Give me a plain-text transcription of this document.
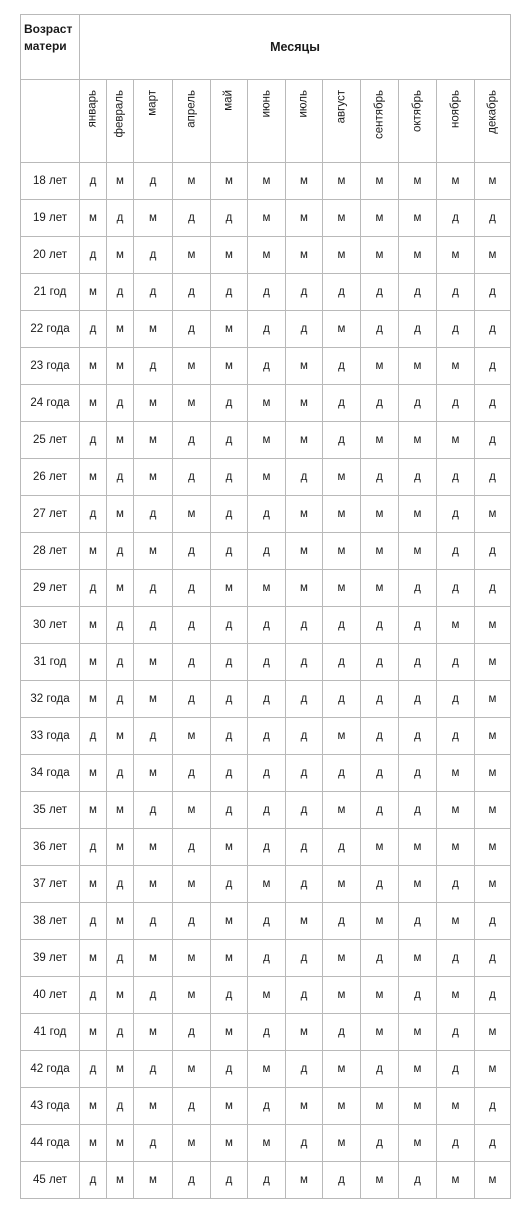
Возраст матери	Месяцы											

	январь	февраль	март	апрель	май	июнь	июль	август	сентябрь	октябрь	ноябрь	декабрь

18 лет	д	м	д	м	м	м	м	м	м	м	м	м
19 лет	м	д	м	д	д	м	м	м	м	м	д	д
20 лет	д	м	д	м	м	м	м	м	м	м	м	м
21 год	м	д	д	д	д	д	д	д	д	д	д	д
22 года	д	м	м	д	м	д	д	м	д	д	д	д
23 года	м	м	д	м	м	д	м	д	м	м	м	д
24 года	м	д	м	м	д	м	м	д	д	д	д	д
25 лет	д	м	м	д	д	м	м	д	м	м	м	д
26 лет	м	д	м	д	д	м	д	м	д	д	д	д
27 лет	д	м	д	м	д	д	м	м	м	м	д	м
28 лет	м	д	м	д	д	д	м	м	м	м	д	д
29 лет	д	м	д	д	м	м	м	м	м	д	д	д
30 лет	м	д	д	д	д	д	д	д	д	д	м	м
31 год	м	д	м	д	д	д	д	д	д	д	д	м
32 года	м	д	м	д	д	д	д	д	д	д	д	м
33 года	д	м	д	м	д	д	д	м	д	д	д	м
34 года	м	д	м	д	д	д	д	д	д	д	м	м
35 лет	м	м	д	м	д	д	д	м	д	д	м	м
36 лет	д	м	м	д	м	д	д	д	м	м	м	м
37 лет	м	д	м	м	д	м	д	м	д	м	д	м
38 лет	д	м	д	д	м	д	м	д	м	д	м	д
39 лет	м	д	м	м	м	д	д	м	д	м	д	д
40 лет	д	м	д	м	д	м	д	м	м	д	м	д
41 год	м	д	м	д	м	д	м	д	м	м	д	м
42 года	д	м	д	м	д	м	д	м	д	м	д	м
43 года	м	д	м	д	м	д	м	м	м	м	м	д
44 года	м	м	д	м	м	м	д	м	д	м	д	д
45 лет	д	м	м	д	д	д	м	д	м	д	м	м
